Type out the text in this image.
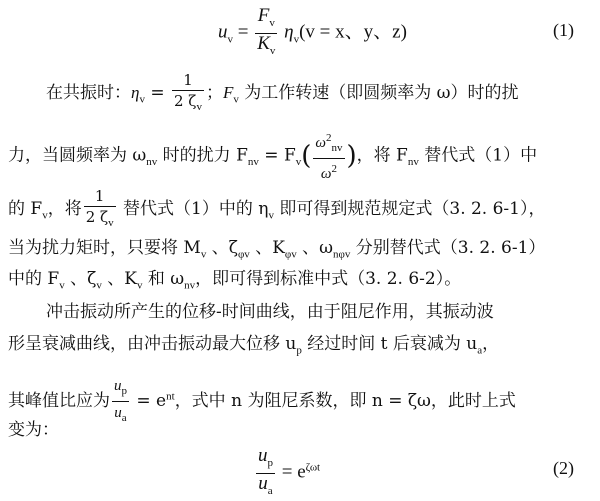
$u_v = \frac{F_v}{K_v} \eta_v(v = x$、y、z)	(1)
在共振时：$\eta_v = \frac{1}{2 \zeta_v}$ ；$F_v$ 为工作转速（即圆频率为 ω）时的扰
力，当圆频率为 $\omega_{nv}$ 时的扰力 $F_{nv} = F_v( \frac{\omega^2_{nv}}{\omega^2}$ )，将 $F_{nv}$ 替代式（1）中
的 $F_v$，将 $\frac{1}{2 \zeta_v}$ 替代式（1）中的 $\eta_v$ 即可得到规范规定式（3. 2. 6-1），
当为扰力矩时，只要将 $M_v$ 、$\zeta_{\varphi v}$ 、$K_{\varphi v}$ 、$\omega_{n\varphi v}$ 分别替代式（3. 2. 6-1）
中的 $F_v$ 、$\zeta_v$ 、$K_v$ 和 $\omega_{nv}$，即可得到标准中式（3. 2. 6-2）。
冲击振动所产生的位移-时间曲线，由于阻尼作用，其振动波
形呈衰减曲线，由冲击振动最大位移 $u_p$ 经过时间 t 后衰减为 $u_a$，
其峰值比应为 $\frac{u_p}{u_a} = e^{nt}$，式中 n 为阻尼系数，即 n = ζω，此时上式
变为：
$\frac{u_p}{u_a} = e^{\zeta\omega t}$	(2)
